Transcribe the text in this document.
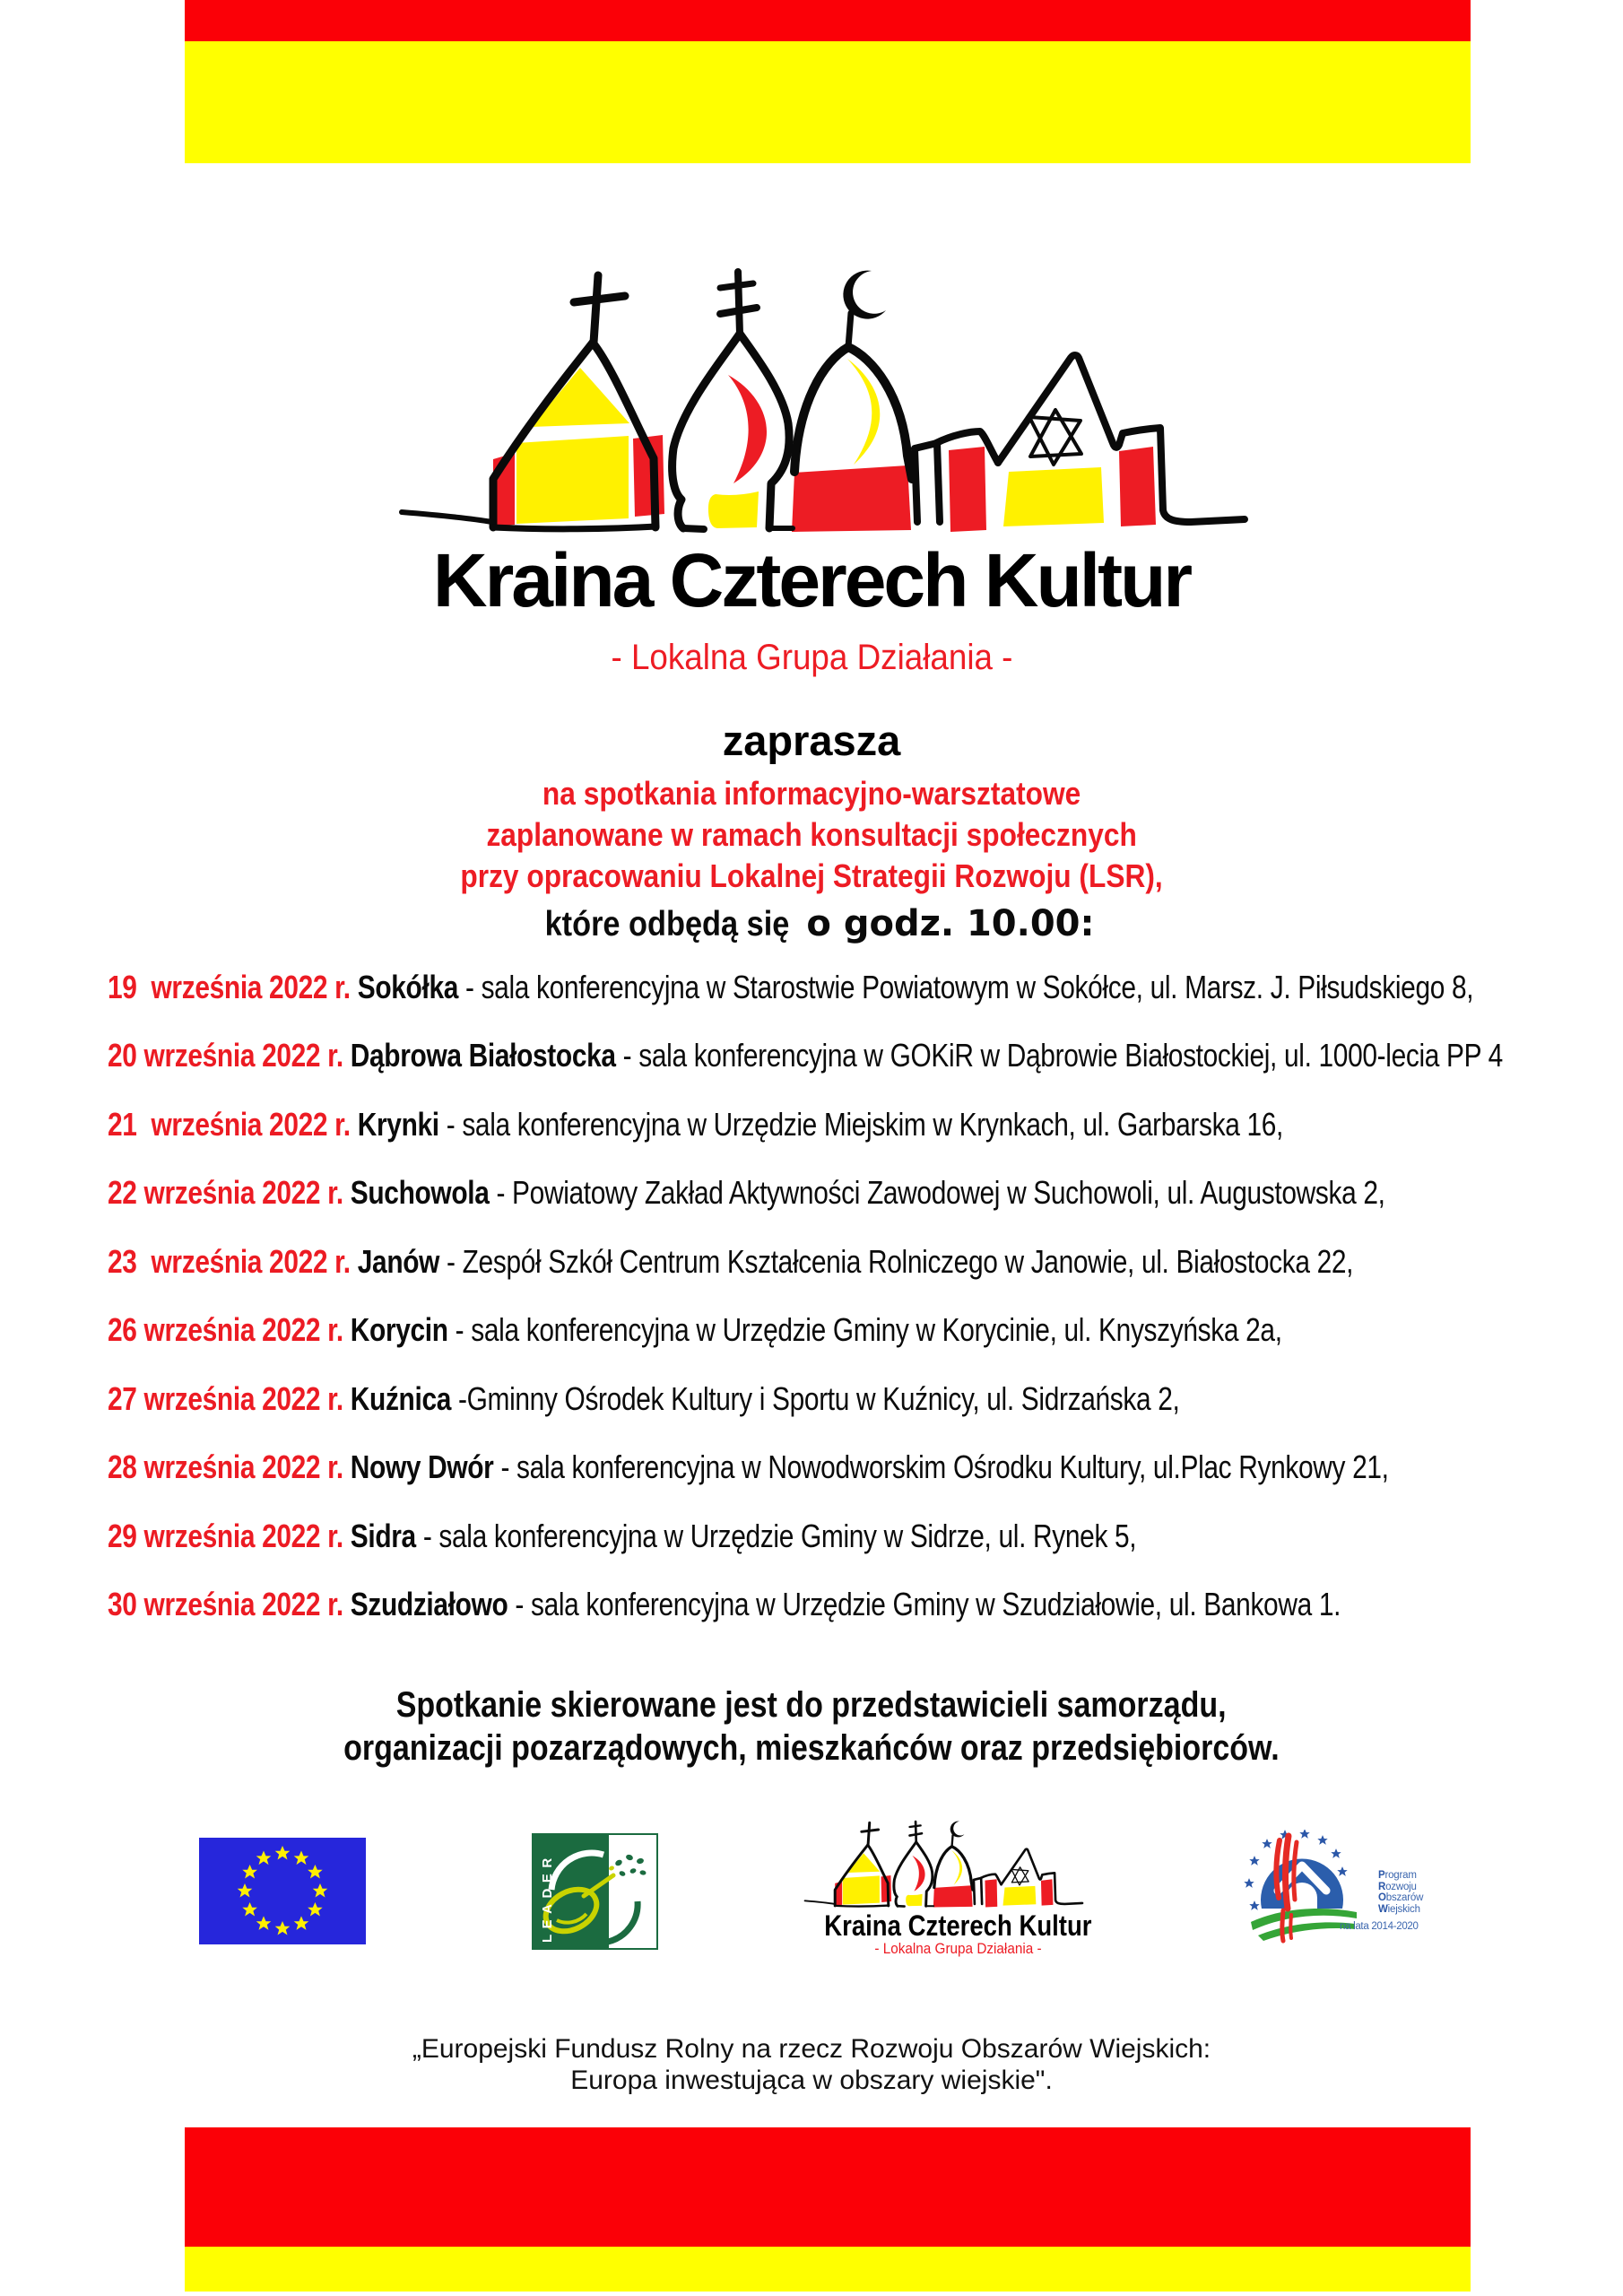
Kraina Czterech Kultur
- Lokalna Grupa Działania -
zaprasza
na spotkania informacyjno-warsztatowe
zaplanowane w ramach konsultacji społecznych
przy opracowaniu Lokalnej Strategii Rozwoju (LSR),
które odbędą sięo godz. 10.00:
19  września 2022 r. Sokółka - sala konferencyjna w Starostwie Powiatowym w Sokółce, ul. Marsz. J. Piłsudskiego 8,
20 września 2022 r. Dąbrowa Białostocka - sala konferencyjna w GOKiR w Dąbrowie Białostockiej, ul. 1000-lecia PP 4
21  września 2022 r. Krynki - sala konferencyjna w Urzędzie Miejskim w Krynkach, ul. Garbarska 16,
22 września 2022 r. Suchowola - Powiatowy Zakład Aktywności Zawodowej w Suchowoli, ul. Augustowska 2,
23  września 2022 r. Janów - Zespół Szkół Centrum Kształcenia Rolniczego w Janowie, ul. Białostocka 22,
26 września 2022 r. Korycin - sala konferencyjna w Urzędzie Gminy w Korycinie, ul. Knyszyńska 2a,
27 września 2022 r. Kuźnica -Gminny Ośrodek Kultury i Sportu w Kuźnicy, ul. Sidrzańska 2,
28 września 2022 r. Nowy Dwór - sala konferencyjna w Nowodworskim Ośrodku Kultury, ul.Plac Rynkowy 21,
29 września 2022 r. Sidra - sala konferencyjna w Urzędzie Gminy w Sidrze, ul. Rynek 5,
30 września 2022 r. Szudziałowo - sala konferencyjna w Urzędzie Gminy w Szudziałowie, ul. Bankowa 1.
Spotkanie skierowane jest do przedstawicieli samorządu,
organizacji pozarządowych, mieszkańców oraz przedsiębiorców.
LEADER	Kraina Czterech Kultur
- Lokalna Grupa Działania -
Program
Rozwoju
Obszarów
Wiejskich
na lata 2014-2020
„Europejski Fundusz Rolny na rzecz Rozwoju Obszarów Wiejskich:
Europa inwestująca w obszary wiejskie".
